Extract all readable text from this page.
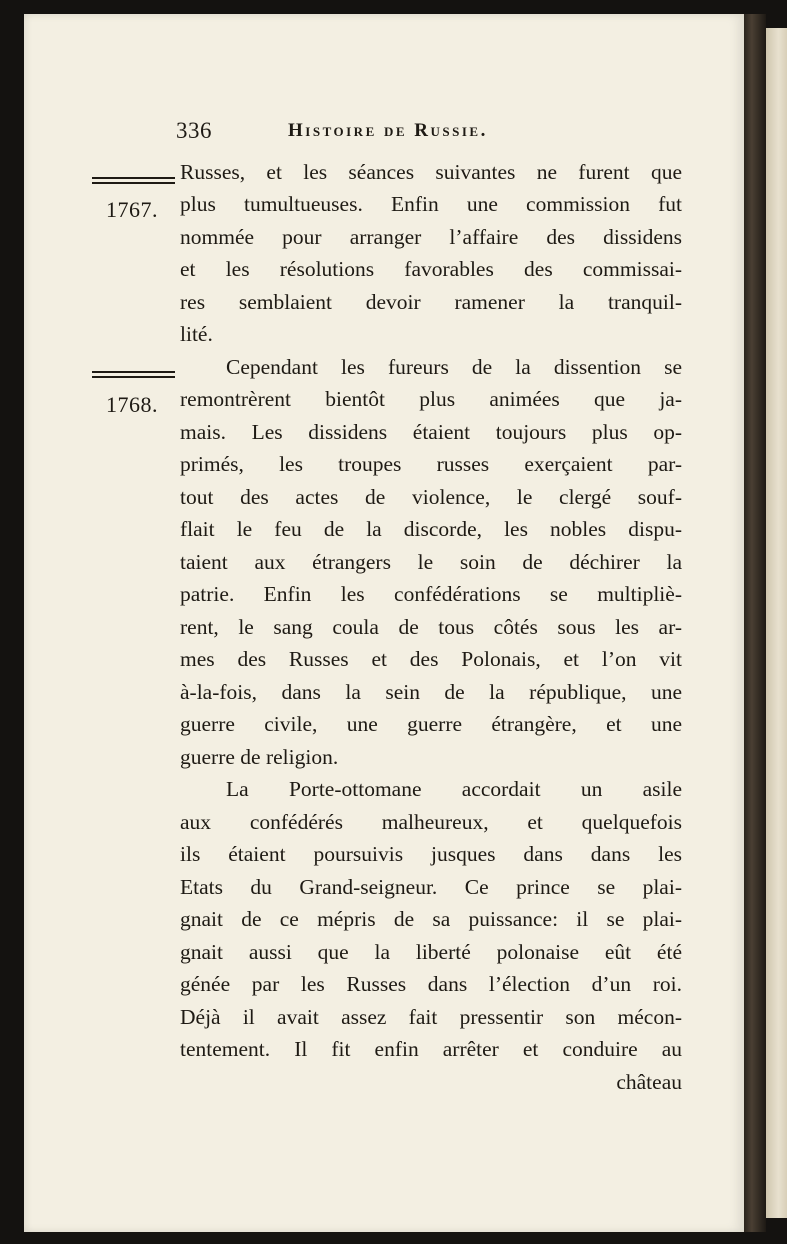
336	Histoire de Russie.
1767.
1768.
Russes, et les séances suivantes ne furent que
plus tumultueuses. Enfin une commission fut
nommée pour arranger l’affaire des dissidens
et les résolutions favorables des commissai-
res semblaient devoir ramener la tranquil-
lité.
Cependant les fureurs de la dissention se
remontrèrent bientôt plus animées que ja-
mais. Les dissidens étaient toujours plus op-
primés, les troupes russes exerçaient par-
tout des actes de violence, le clergé souf-
flait le feu de la discorde, les nobles dispu-
taient aux étrangers le soin de déchirer la
patrie. Enfin les confédérations se multipliè-
rent, le sang coula de tous côtés sous les ar-
mes des Russes et des Polonais, et l’on vit
à-la-fois, dans la sein de la république, une
guerre civile, une guerre étrangère, et une
guerre de religion.
La Porte-ottomane accordait un asile
aux confédérés malheureux, et quelquefois
ils étaient poursuivis jusques dans dans les
Etats du Grand-seigneur. Ce prince se plai-
gnait de ce mépris de sa puissance: il se plai-
gnait aussi que la liberté polonaise eût été
génée par les Russes dans l’élection d’un roi.
Déjà il avait assez fait pressentir son mécon-
tentement. Il fit enfin arrêter et conduire au
château
